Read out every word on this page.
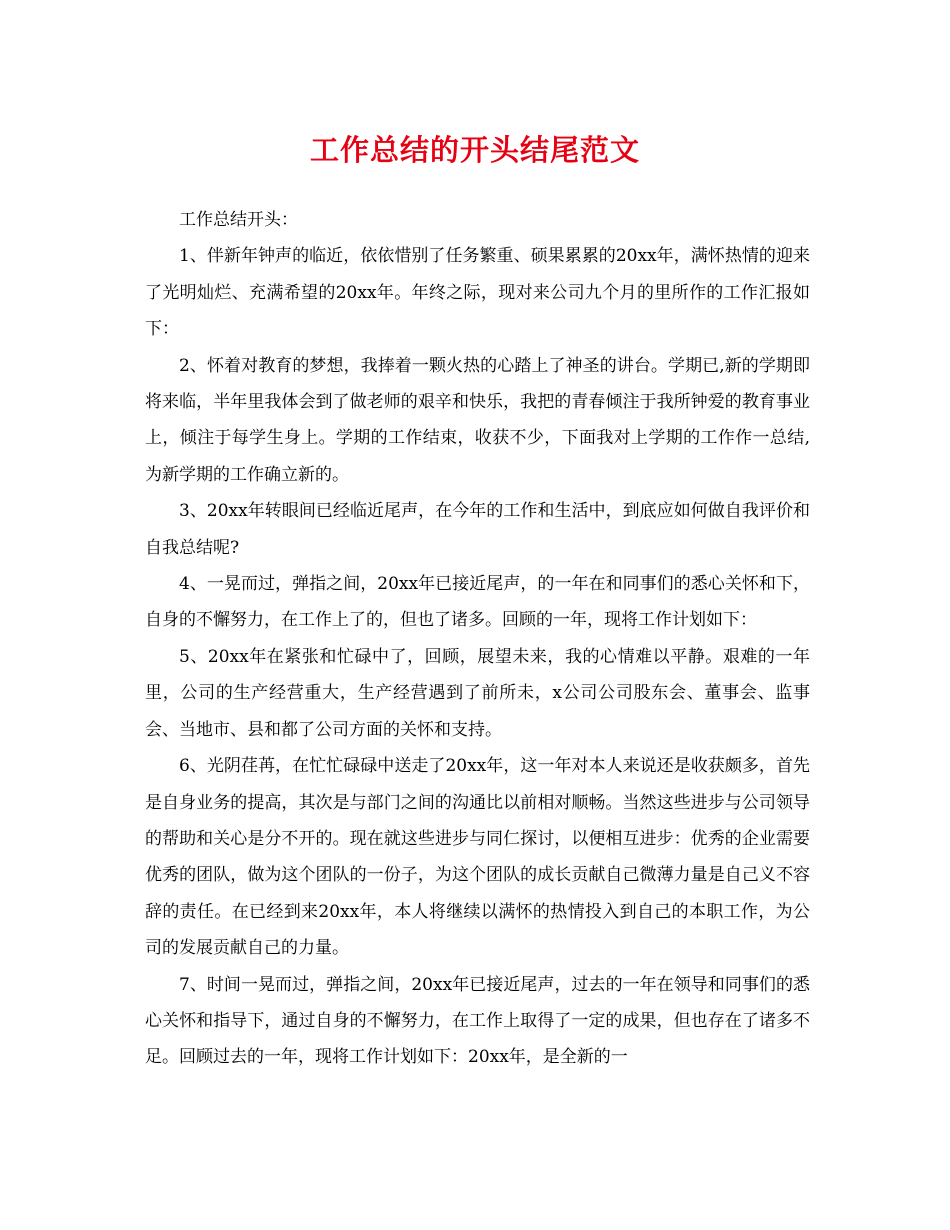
工作总结的开头结尾范文

工作总结开头：

1、伴新年钟声的临近，依依惜别了任务繁重、硕果累累的20xx年，满怀热情的迎来了光明灿烂、充满希望的20xx年。年终之际，现对来公司九个月的里所作的工作汇报如下：

2、怀着对教育的梦想，我捧着一颗火热的心踏上了神圣的讲台。学期已,新的学期即将来临，半年里我体会到了做老师的艰辛和快乐，我把的青春倾注于我所钟爱的教育事业上，倾注于每学生身上。学期的工作结束，收获不少，下面我对上学期的工作作一总结,为新学期的工作确立新的。

3、20xx年转眼间已经临近尾声，在今年的工作和生活中，到底应如何做自我评价和自我总结呢?

4、一晃而过，弹指之间，20xx年已接近尾声，的一年在和同事们的悉心关怀和下，自身的不懈努力，在工作上了的，但也了诸多。回顾的一年，现将工作计划如下：

5、20xx年在紧张和忙碌中了，回顾，展望未来，我的心情难以平静。艰难的一年里，公司的生产经营重大，生产经营遇到了前所未，x公司公司股东会、董事会、监事会、当地市、县和都了公司方面的关怀和支持。

6、光阴荏苒，在忙忙碌碌中送走了20xx年，这一年对本人来说还是收获颇多，首先是自身业务的提高，其次是与部门之间的沟通比以前相对顺畅。当然这些进步与公司领导的帮助和关心是分不开的。现在就这些进步与同仁探讨，以便相互进步：优秀的企业需要优秀的团队，做为这个团队的一份子，为这个团队的成长贡献自己微薄力量是自己义不容辞的责任。在已经到来20xx年，本人将继续以满怀的热情投入到自己的本职工作，为公司的发展贡献自己的力量。

7、时间一晃而过，弹指之间，20xx年已接近尾声，过去的一年在领导和同事们的悉心关怀和指导下，通过自身的不懈努力，在工作上取得了一定的成果，但也存在了诸多不足。回顾过去的一年，现将工作计划如下：20xx年，是全新的一
